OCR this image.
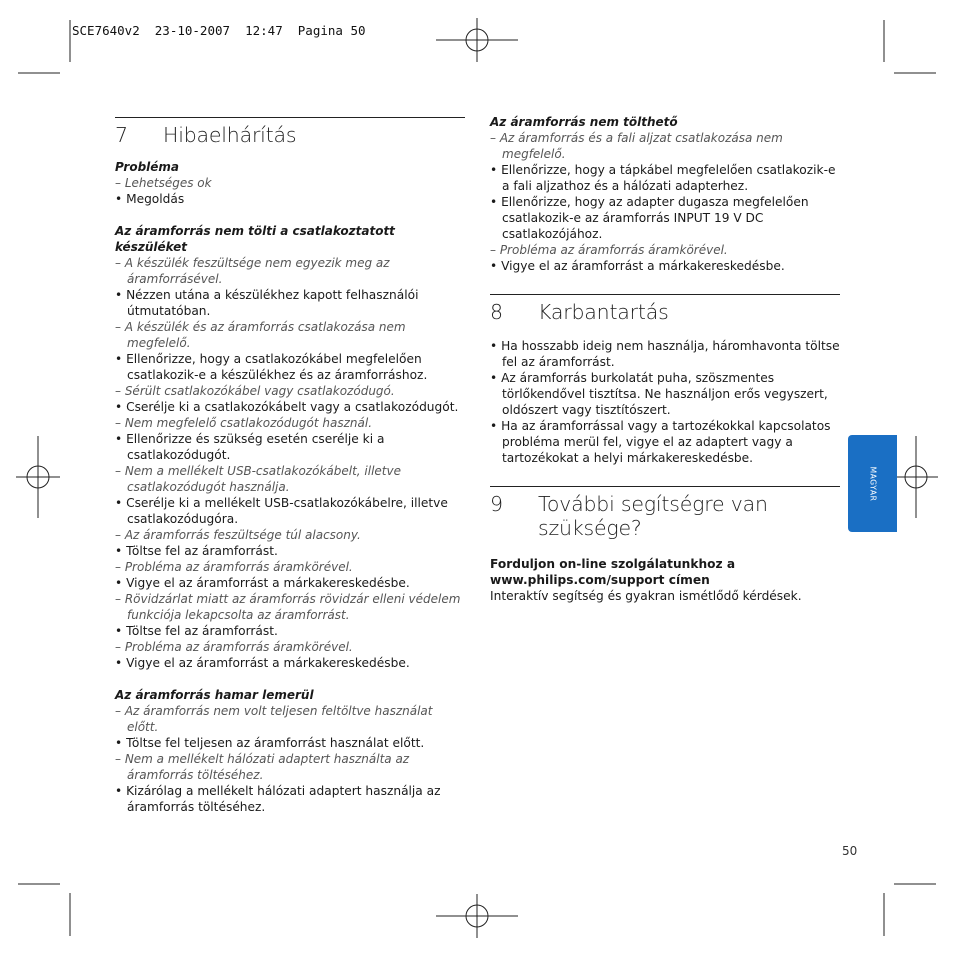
SCE7640v2  23-10-2007  12:47  Pagina 50
7	Hibaelhárítás
Probléma
– Lehetséges ok
• Megoldás
Az áramforrás nem tölti a csatlakoztatott készüléket
– A készülék feszültsége nem egyezik meg az áramforrásével.
• Nézzen utána a készülékhez kapott felhasználói útmutatóban.
– A készülék és az áramforrás csatlakozása nem megfelelő.
• Ellenőrizze, hogy a csatlakozókábel megfelelően csatlakozik-e a készülékhez és az áramforráshoz.
– Sérült csatlakozókábel vagy csatlakozódugó.
• Cserélje ki a csatlakozókábelt vagy a csatlakozódugót.
– Nem megfelelő csatlakozódugót használ.
• Ellenőrizze és szükség esetén cserélje ki a csatlakozódugót.
– Nem a mellékelt USB-csatlakozókábelt, illetve csatlakozódugót használja.
• Cserélje ki a mellékelt USB-csatlakozókábelre, illetve csatlakozódugóra.
– Az áramforrás feszültsége túl alacsony.
• Töltse fel az áramforrást.
– Probléma az áramforrás áramkörével.
• Vigye el az áramforrást a márkakereskedésbe.
– Rövidzárlat miatt az áramforrás rövidzár elleni védelem funkciója lekapcsolta az áramforrást.
• Töltse fel az áramforrást.
– Probléma az áramforrás áramkörével.
• Vigye el az áramforrást a márkakereskedésbe.
Az áramforrás hamar lemerül
– Az áramforrás nem volt teljesen feltöltve használat előtt.
• Töltse fel teljesen az áramforrást használat előtt.
– Nem a mellékelt hálózati adaptert használta az áramforrás töltéséhez.
• Kizárólag a mellékelt hálózati adaptert használja az áramforrás töltéséhez.
Az áramforrás nem tölthető
– Az áramforrás és a fali aljzat csatlakozása nem megfelelő.
• Ellenőrizze, hogy a tápkábel megfelelően csatlakozik-e a fali aljzathoz és a hálózati adapterhez.
• Ellenőrizze, hogy az adapter dugasza megfelelően csatlakozik-e az áramforrás INPUT 19 V DC csatlakozójához.
– Probléma az áramforrás áramkörével.
• Vigye el az áramforrást a márkakereskedésbe.
8	Karbantartás
• Ha hosszabb ideig nem használja, háromhavonta töltse fel az áramforrást.
• Az áramforrás burkolatát puha, szöszmentes törlőkendővel tisztítsa. Ne használjon erős vegyszert, oldószert vagy tisztítószert.
• Ha az áramforrással vagy a tartozékokkal kapcsolatos probléma merül fel, vigye el az adaptert vagy a tartozékokat a helyi márkakereskedésbe.
9	További segítségre van szüksége?
Forduljon on-line szolgálatunkhoz a www.philips.com/support címen
Interaktív segítség és gyakran ismétlődő kérdések.
MAGYAR
50
